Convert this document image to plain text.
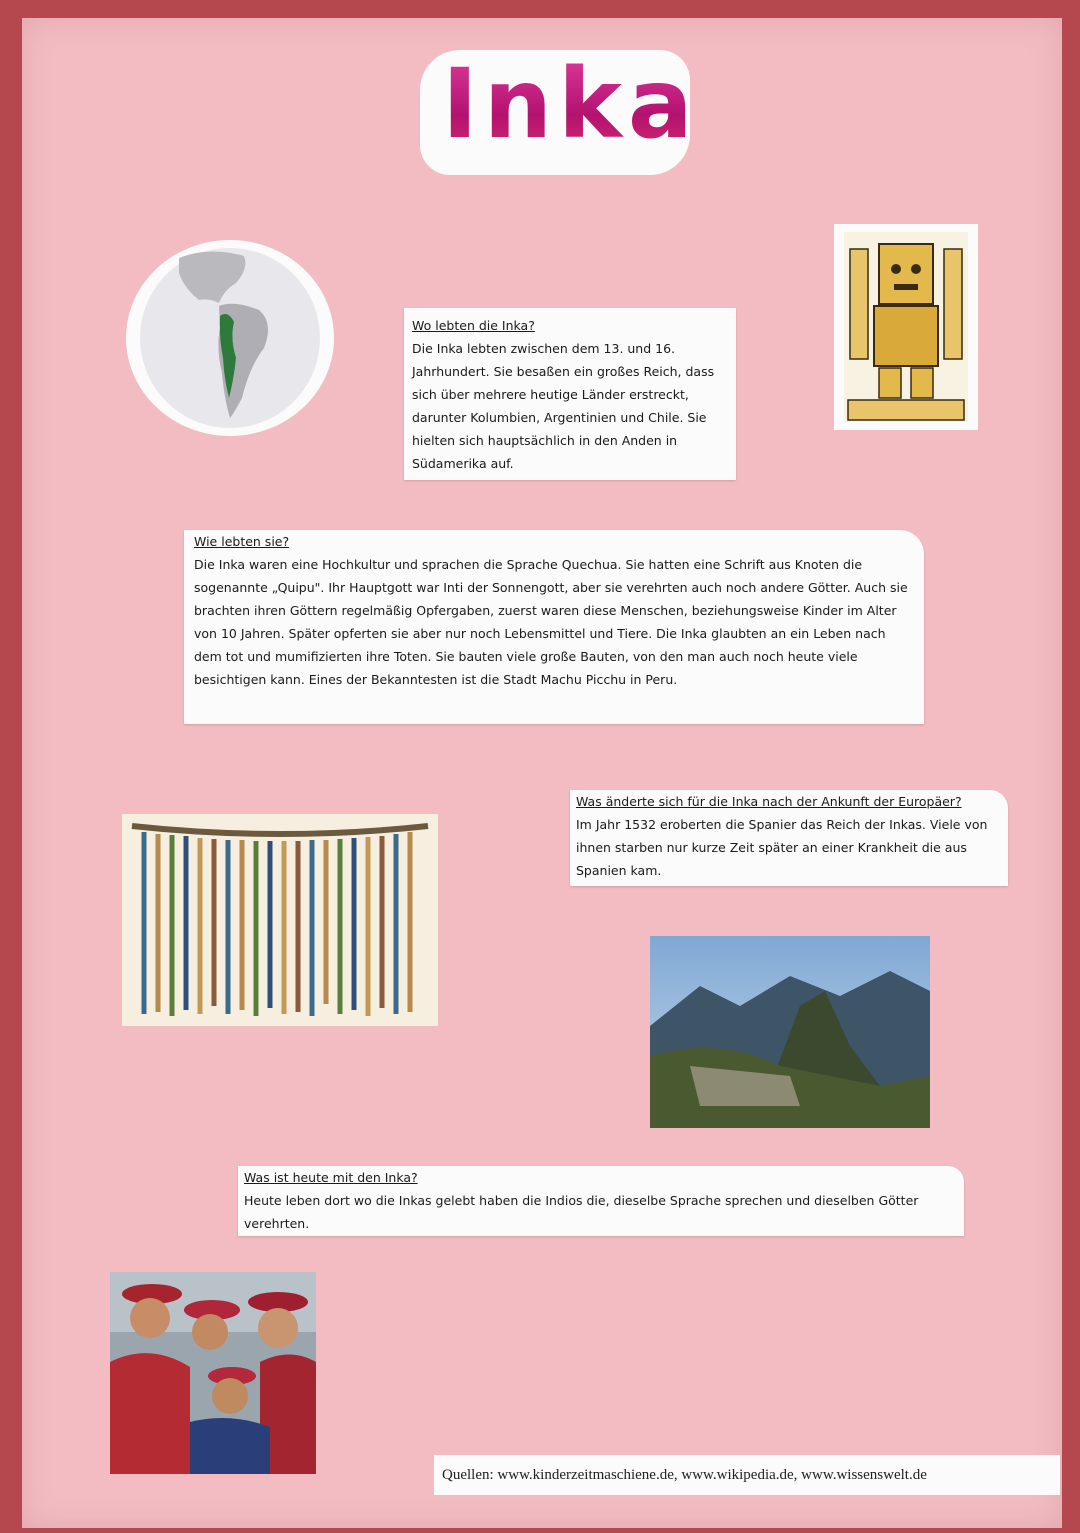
Inka
Wo lebten die Inka?

Die Inka lebten zwischen dem 13. und 16. Jahrhundert. Sie besaßen ein großes Reich, dass sich über mehrere heutige Länder erstreckt, darunter Kolumbien, Argentinien und Chile. Sie hielten sich hauptsächlich in den Anden in Südamerika auf.

Wie lebten sie?

Die Inka waren eine Hochkultur und sprachen die Sprache Quechua. Sie hatten eine Schrift aus Knoten die sogenannte „Quipu". Ihr Hauptgott war Inti der Sonnengott, aber sie verehrten auch noch andere Götter. Auch sie brachten ihren Göttern regelmäßig Opfergaben, zuerst waren diese Menschen, beziehungsweise Kinder im Alter von 10 Jahren. Später opferten sie aber nur noch Lebensmittel und Tiere. Die Inka glaubten an ein Leben nach dem tot und mumifizierten ihre Toten. Sie bauten viele große Bauten, von den man auch noch heute viele besichtigen kann. Eines der Bekanntesten ist die Stadt Machu Picchu in Peru.

Was änderte sich für die Inka nach der Ankunft der Europäer?

Im Jahr 1532 eroberten die Spanier das Reich der Inkas. Viele von ihnen starben nur kurze Zeit später an einer Krankheit die aus Spanien kam.

Was ist heute mit den Inka?

Heute leben dort wo die Inkas gelebt haben die Indios die, dieselbe Sprache sprechen und dieselben Götter verehrten.

Quellen: www.kinderzeitmaschiene.de, www.wikipedia.de, www.wissenswelt.de
